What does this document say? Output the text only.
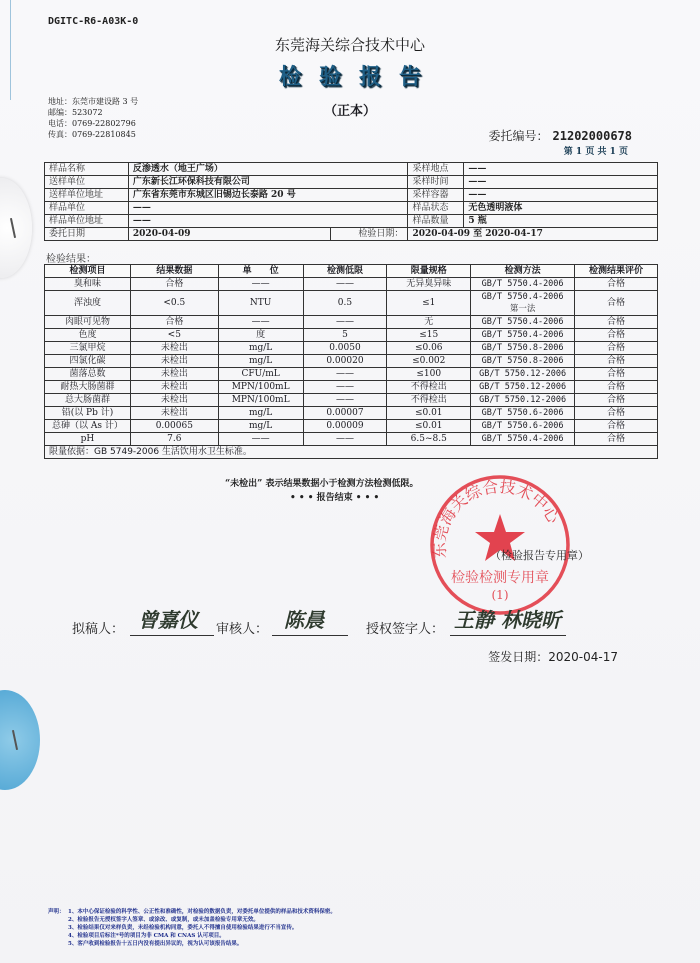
DGITC-R6-A03K-0
东莞海关综合技术中心
检验报告
（正本）
地址：东莞市建设路 3 号
邮编：523072
电话：0769-22802796
传真：0769-22810845	委托编号： 21202000678
第 1 页 共 1 页
样品名称	反渗透水（地王广场）		采样地点	——
送样单位	广东新长江环保科技有限公司		采样时间	——
送样单位地址	广东省东莞市东城区旧锡边长泰路 20 号		采样容器	——
样品单位	——		样品状态	无色透明液体
样品单位地址	——		样品数量	5 瓶
委托日期	2020-04-09	检验日期：	2020-04-09 至 2020-04-17	
检验结果：
检测项目	结果数据	单　　位	检测低限	限量规格	检测方法	检测结果评价
臭和味	合格	——	——	无异臭异味	GB/T 5750.4-2006	合格
浑浊度	<0.5	NTU	0.5	≤1	GB/T 5750.4-2006 第一法	合格
肉眼可见物	合格	——	——	无	GB/T 5750.4-2006	合格
色度	<5	度	5	≤15	GB/T 5750.4-2006	合格
三氯甲烷	未检出	mg/L	0.0050	≤0.06	GB/T 5750.8-2006	合格
四氯化碳	未检出	mg/L	0.00020	≤0.002	GB/T 5750.8-2006	合格
菌落总数	未检出	CFU/mL	——	≤100	GB/T 5750.12-2006	合格
耐热大肠菌群	未检出	MPN/100mL	——	不得检出	GB/T 5750.12-2006	合格
总大肠菌群	未检出	MPN/100mL	——	不得检出	GB/T 5750.12-2006	合格
铅(以 Pb 计)	未检出	mg/L	0.00007	≤0.01	GB/T 5750.6-2006	合格
总砷（以 As 计）	0.00065	mg/L	0.00009	≤0.01	GB/T 5750.6-2006	合格
pH	7.6	——	——	6.5~8.5	GB/T 5750.4-2006	合格
限量依据：GB 5749-2006 生活饮用水卫生标准。						
“未检出” 表示结果数据小于检测方法检测低限。
• • • 报告结束 • • •
东莞海关综合技术中心
检验检测专用章
(1)
（检验报告专用章）
拟稿人： 曾嘉仪 审核人： 陈晨	授权签字人： 王静 林晓昕
签发日期：2020-04-17
声明： 1、本中心保证检验的科学性、公正性和准确性，对检验的数据负责，对委托单位提供的样品和技术资料保密。
2、检验报告无授权签字人签章、或涂改、或复制，或未加盖检验专用章无效。
3、检验结果仅对来样负责，未经检验机构同意，委托人不得擅自使用检验结果进行不当宣传。
4、检验项目后标注*号的项目为非 CMA 和 CNAS 认可项目。
5、客户收到检验报告十五日内没有提出异议的，视为认可该报告结果。
